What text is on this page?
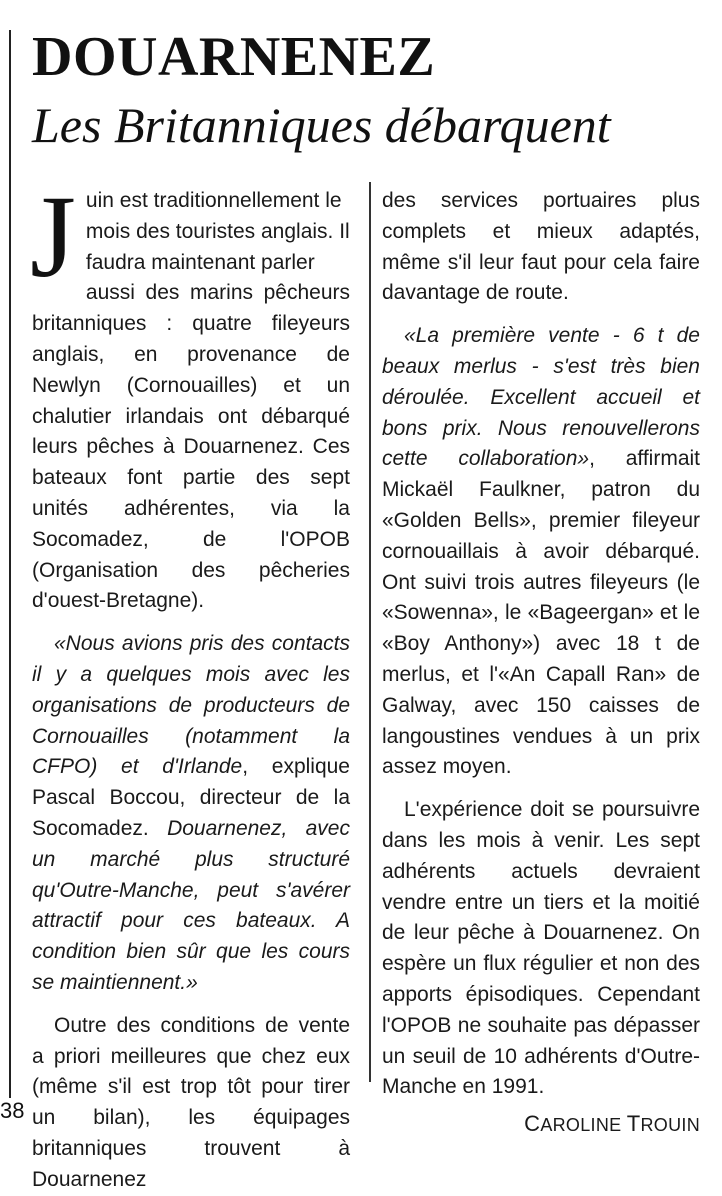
DOUARNENEZ
Les Britanniques débarquent
J uin est traditionnellement le
mois des touristes anglais. Il
faudra maintenant parler
aussi des marins pêcheurs britanniques : quatre fileyeurs anglais, en provenance de Newlyn (Cornouailles) et un chalutier irlandais ont débarqué leurs pêches à Douarnenez. Ces bateaux font partie des sept unités adhérentes, via la Socomadez, de l'OPOB (Organisation des pêcheries d'ouest-Bretagne).

«Nous avions pris des contacts il y a quelques mois avec les organisations de producteurs de Cornouailles (notamment la CFPO) et d'Irlande, explique Pascal Boccou, directeur de la Socomadez. Douarnenez, avec un marché plus structuré qu'Outre-Manche, peut s'avérer attractif pour ces bateaux. A condition bien sûr que les cours se maintiennent.»

Outre des conditions de vente a priori meilleures que chez eux (même s'il est trop tôt pour tirer un bilan), les équipages britanniques trouvent à Douarnenez

des services portuaires plus complets et mieux adaptés, même s'il leur faut pour cela faire davantage de route.

«La première vente - 6 t de beaux merlus - s'est très bien déroulée. Excellent accueil et bons prix. Nous renouvellerons cette collaboration», affirmait Mickaël Faulkner, patron du «Golden Bells», premier fileyeur cornouaillais à avoir débarqué. Ont suivi trois autres fileyeurs (le «Sowenna», le «Bageergan» et le «Boy Anthony») avec 18 t de merlus, et l'«An Capall Ran» de Galway, avec 150 caisses de langoustines vendues à un prix assez moyen.

L'expérience doit se poursuivre dans les mois à venir. Les sept adhérents actuels devraient vendre entre un tiers et la moitié de leur pêche à Douarnenez. On espère un flux régulier et non des apports épisodiques. Cependant l'OPOB ne souhaite pas dépasser un seuil de 10 adhérents d'Outre-Manche en 1991.

CAROLINE TROUIN

38
